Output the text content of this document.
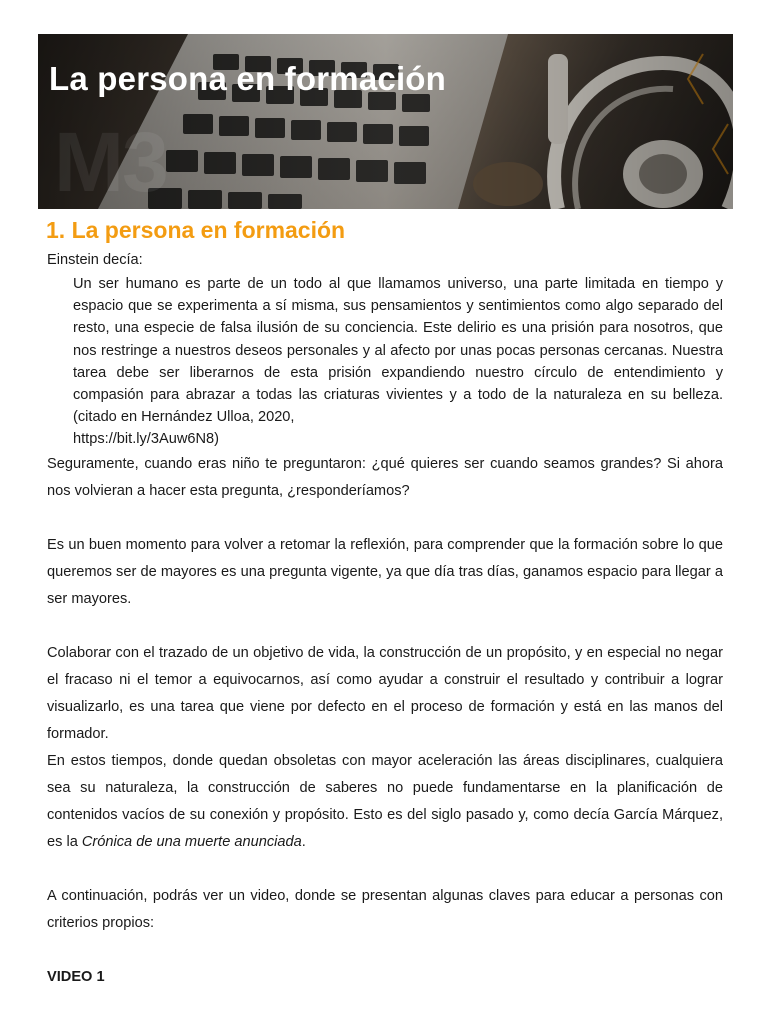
M3
La persona en formación
1. La persona en formación

Einstein decía:

Un ser humano es parte de un todo al que llamamos universo, una parte limitada en tiempo y espacio que se experimenta a sí misma, sus pensamientos y sentimientos como algo separado del resto, una especie de falsa ilusión de su conciencia. Este delirio es una prisión para nosotros, que nos restringe a nuestros deseos personales y al afecto por unas pocas personas cercanas. Nuestra tarea debe ser liberarnos de esta prisión expandiendo nuestro círculo de entendimiento y compasión para abrazar a todas las criaturas vivientes y a todo de la naturaleza en su belleza. (citado en Hernández Ulloa, 2020,
https://bit.ly/3Auw6N8)

Seguramente, cuando eras niño te preguntaron: ¿qué quieres ser cuando seamos grandes? Si ahora nos volvieran a hacer esta pregunta, ¿responderíamos?

Es un buen momento para volver a retomar la reflexión, para comprender que la formación sobre lo que queremos ser de mayores es una pregunta vigente, ya que día tras días, ganamos espacio para llegar a ser mayores.

Colaborar con el trazado de un objetivo de vida, la construcción de un propósito, y en especial no negar el fracaso ni el temor a equivocarnos, así como ayudar a construir el resultado y contribuir a lograr visualizarlo, es una tarea que viene por defecto en el proceso de formación y está en las manos del formador.

En estos tiempos, donde quedan obsoletas con mayor aceleración las áreas disciplinares, cualquiera sea su naturaleza, la construcción de saberes no puede fundamentarse en la planificación de contenidos vacíos de su conexión y propósito. Esto es del siglo pasado y, como decía García Márquez, es la Crónica de una muerte anunciada.

A continuación, podrás ver un video, donde se presentan algunas claves para educar a personas con criterios propios:

VIDEO 1
